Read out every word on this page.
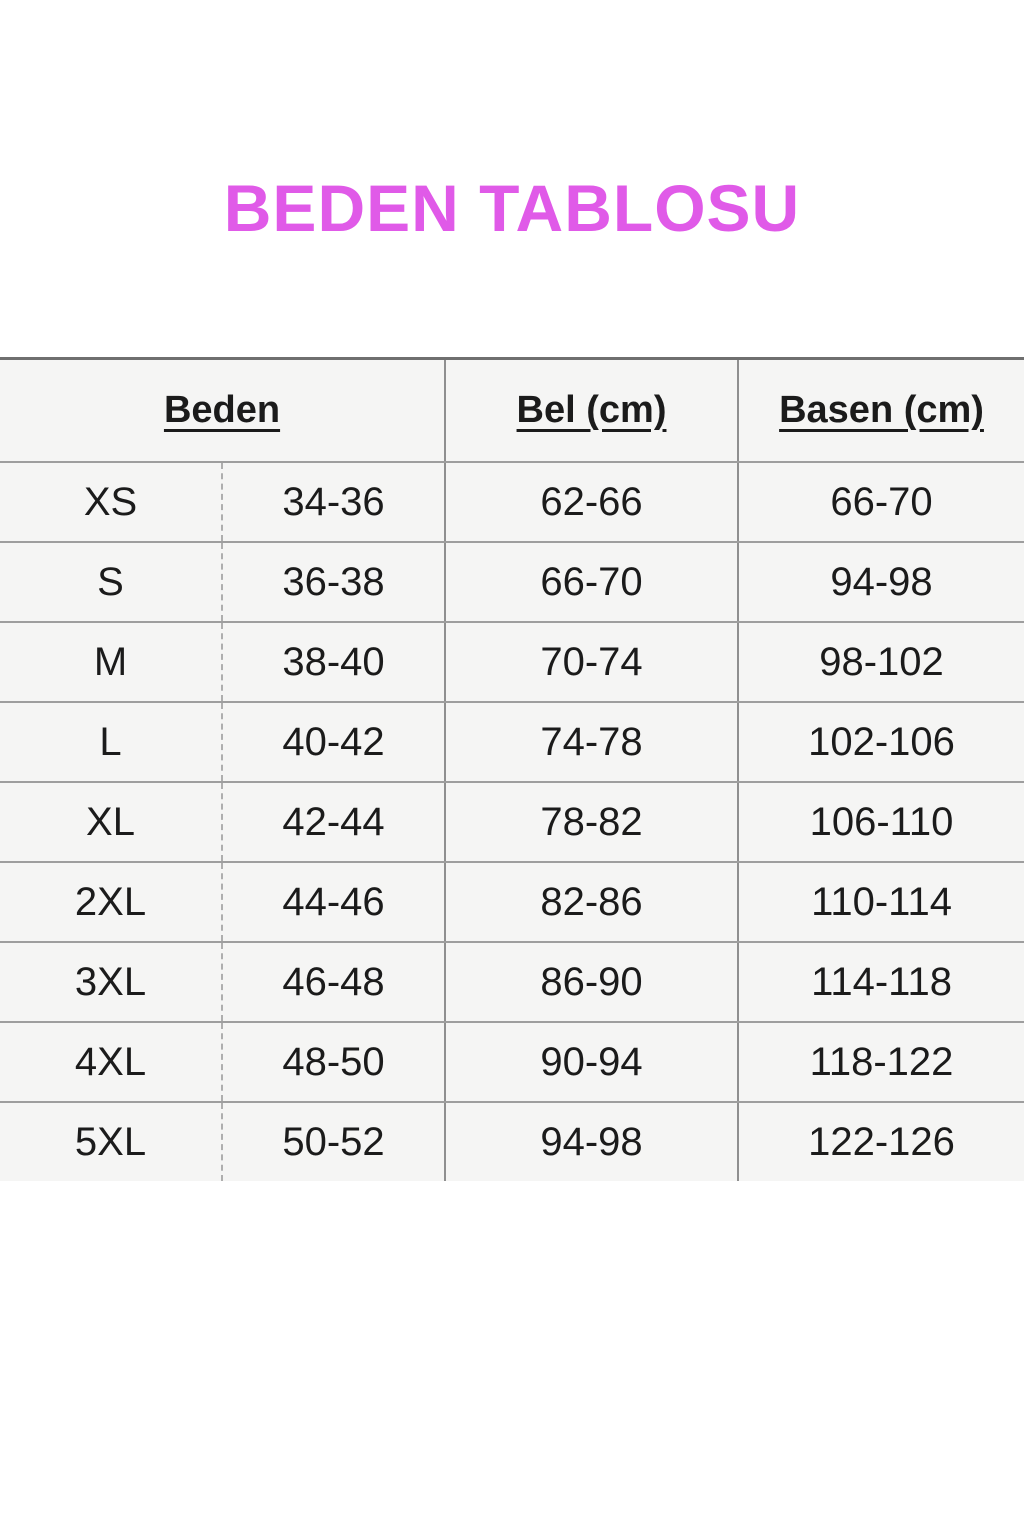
BEDEN TABLOSU
Beden		Bel (cm)	Basen (cm)
XS	34-36	62-66	66-70
S	36-38	66-70	94-98
M	38-40	70-74	98-102
L	40-42	74-78	102-106
XL	42-44	78-82	106-110
2XL	44-46	82-86	110-114
3XL	46-48	86-90	114-118
4XL	48-50	90-94	118-122
5XL	50-52	94-98	122-126
